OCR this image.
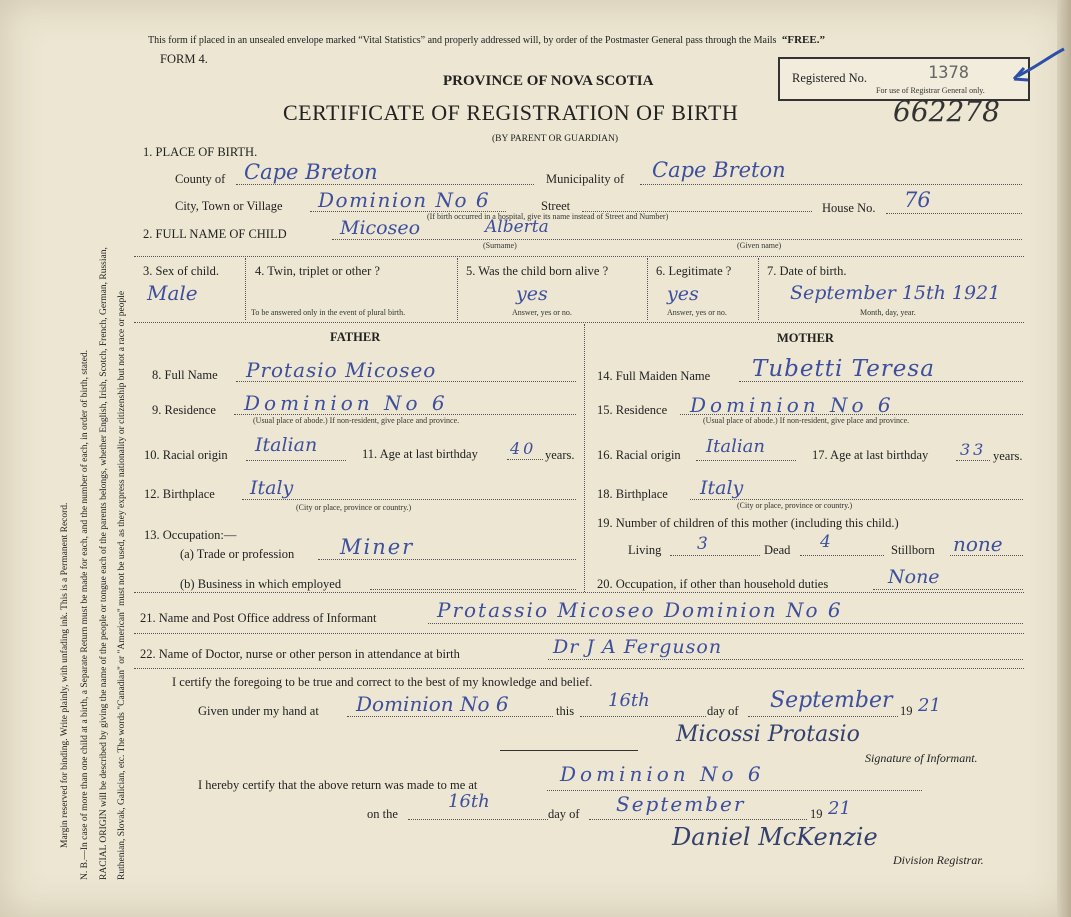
Margin reserved for binding. Write plainly, with unfading ink. This is a Permanent Record. N. B.—In case of more than one child at a birth, a Separate Return must be made for each, and the number of each, in order of birth, stated. RACIAL ORIGIN will be described by giving the name of the people or tongue each of the parents belongs, whether English, Irish, Scotch, French, German, Russian, Ruthenian, Slovak, Galician, etc. The words "Canadian" or "American" must not be used, as they express nationality or citizenship but not a race or people
This form if placed in an unsealed envelope marked “Vital Statistics” and properly addressed will, by order of the Postmaster General pass through the Mails “FREE.”
FORM 4.
PROVINCE OF NOVA SCOTIA
CERTIFICATE OF REGISTRATION OF BIRTH
(BY PARENT OR GUARDIAN)
Registered No.	1378
For use of Registrar General only.
662278
1. PLACE OF BIRTH.
County of Cape Breton	Municipality of Cape Breton
City, Town or Village Dominion No 6	Street
(If birth occurred in a hospital, give its name instead of Street and Number)
House No. 76
2. FULL NAME OF CHILD	Micoseo	Alberta
(Surname)	(Given name)
3. Sex of child.
Male
4. Twin, triplet or other ?
To be answered only in the event of plural birth.
5. Was the child born alive ?
yes
Answer, yes or no.
6. Legitimate ?
yes
Answer, yes or no.
7. Date of birth.
September 15th 1921
Month, day, year.
FATHER	MOTHER
8. Full Name Protasio Micoseo
9. Residence Dominion No 6
(Usual place of abode.) If non-resident, give place and province.
10. Racial origin Italian	11. Age at last birthday 40 years.
12. Birthplace Italy
(City or place, province or country.)
13. Occupation:—
(a) Trade or profession Miner
(b) Business in which employed
14. Full Maiden Name Tubetti Teresa
15. Residence Dominion No 6
(Usual place of abode.) If non-resident, give place and province.
16. Racial origin Italian	17. Age at last birthday 33 years.
18. Birthplace Italy
(City or place, province or country.)
19. Number of children of this mother (including this child.)
Living 3	Dead 4	Stillborn none
20. Occupation, if other than household duties	None
21. Name and Post Office address of Informant	Protassio Micoseo Dominion No 6
22. Name of Doctor, nurse or other person in attendance at birth	Dr J A Ferguson
I certify the foregoing to be true and correct to the best of my knowledge and belief.
Given under my hand at Dominion No 6	this 16th	day of September 19 21
Micossi Protasio
Signature of Informant.
I hereby certify that the above return was made to me at	Dominion No 6
on the
16th
day of September	19 21
Daniel McKenzie
Division Registrar.
